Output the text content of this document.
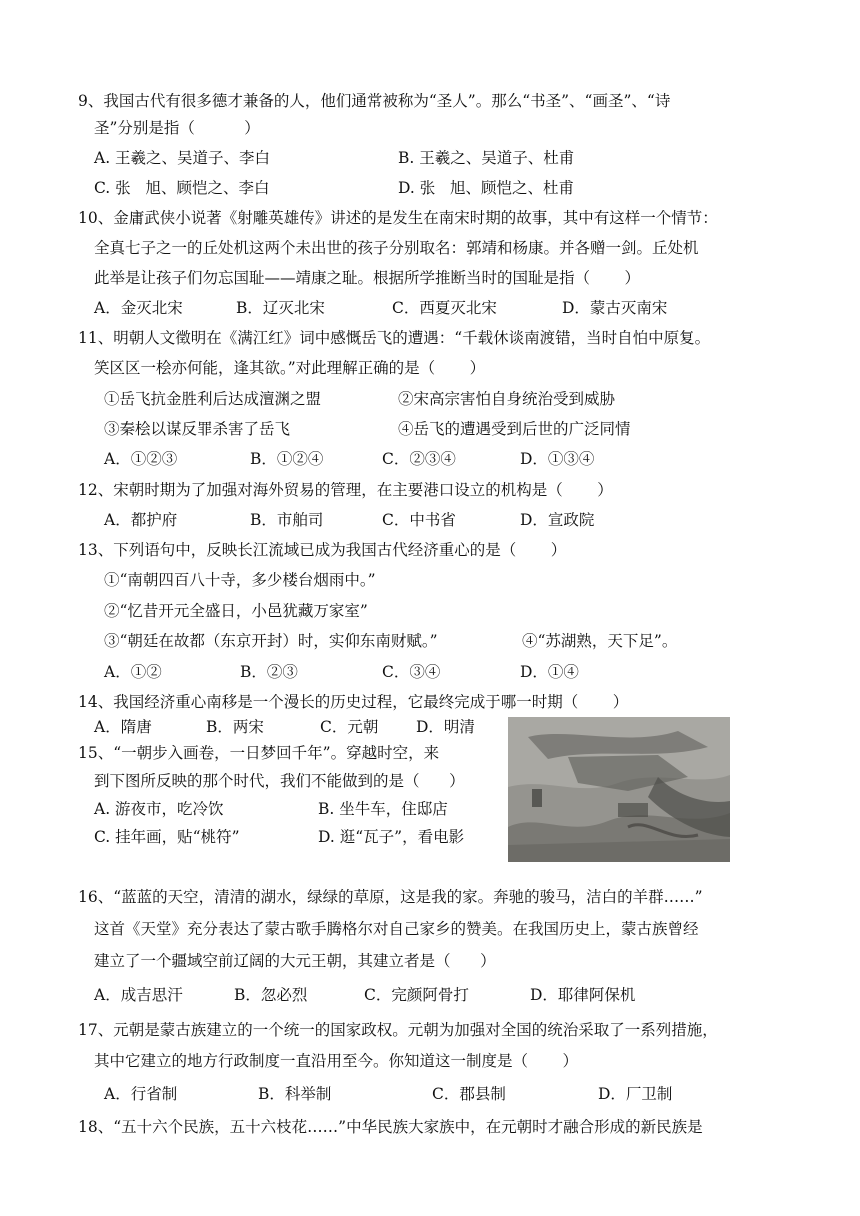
9、我国古代有很多德才兼备的人，他们通常被称为“圣人”。那么“书圣”、“画圣”、“诗
圣”分别是指（          ）
A. 王羲之、吴道子、李白	B. 王羲之、吴道子、杜甫
C. 张   旭、顾恺之、李白	D. 张   旭、顾恺之、杜甫
10、金庸武侠小说著《射雕英雄传》讲述的是发生在南宋时期的故事，其中有这样一个情节：
全真七子之一的丘处机这两个未出世的孩子分别取名：郭靖和杨康。并各赠一剑。丘处机
此举是让孩子们勿忘国耻——靖康之耻。根据所学推断当时的国耻是指（       ）
A．金灭北宋	B．辽灭北宋	C．西夏灭北宋	D．蒙古灭南宋
11、明朝人文徵明在《满江红》词中感慨岳飞的遭遇：“千载休谈南渡错，当时自怕中原复。
笑区区一桧亦何能，逢其欲。”对此理解正确的是（       ）
①岳飞抗金胜利后达成澶渊之盟	②宋高宗害怕自身统治受到威胁
③秦桧以谋反罪杀害了岳飞	④岳飞的遭遇受到后世的广泛同情
A．①②③	B．①②④	C．②③④	D．①③④
12、宋朝时期为了加强对海外贸易的管理，在主要港口设立的机构是（       ）
A．都护府	B．市舶司	C．中书省	D．宣政院
13、下列语句中，反映长江流域已成为我国古代经济重心的是（       ）
①“南朝四百八十寺，多少楼台烟雨中。”
②“忆昔开元全盛日，小邑犹藏万家室”
③“朝廷在故都（东京开封）时，实仰东南财赋。”	④“苏湖熟，天下足”。
A．①②	B．②③	C．③④	D．①④
14、我国经济重心南移是一个漫长的历史过程，它最终完成于哪一时期（       ）
A．隋唐	B．两宋	C．元朝 D．明清
15、“一朝步入画卷，一日梦回千年”。穿越时空，来
到下图所反映的那个时代，我们不能做到的是（      ）
A. 游夜市，吃冷饮	B. 坐牛车，住邸店
C. 挂年画，贴“桃符”	D. 逛“瓦子”，看电影
16、“蓝蓝的天空，清清的湖水，绿绿的草原，这是我的家。奔驰的骏马，洁白的羊群……”
这首《天堂》充分表达了蒙古歌手腾格尔对自己家乡的赞美。在我国历史上，蒙古族曾经
建立了一个疆域空前辽阔的大元王朝，其建立者是（      ）
A．成吉思汗	B．忽必烈	C．完颜阿骨打	D．耶律阿保机
17、元朝是蒙古族建立的一个统一的国家政权。元朝为加强对全国的统治采取了一系列措施，
其中它建立的地方行政制度一直沿用至今。你知道这一制度是（       ）
A．行省制	B．科举制	C．郡县制	D．厂卫制
18、“五十六个民族，五十六枝花……”中华民族大家族中，在元朝时才融合形成的新民族是
